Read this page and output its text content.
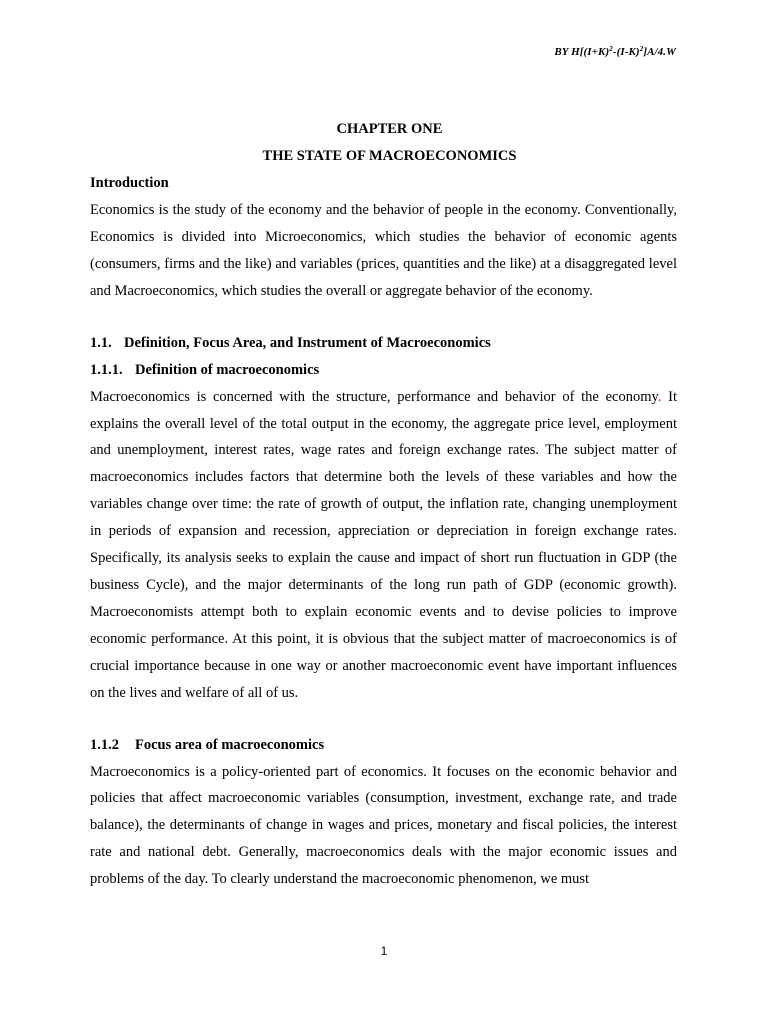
BY $H[(I+K)^2-(I-K)^2]A/4.W$
CHAPTER ONE
THE STATE OF MACROECONOMICS
Introduction

Economics is the study of the economy and the behavior of people in the economy. Conventionally, Economics is divided into Microeconomics, which studies the behavior of economic agents (consumers, firms and the like) and variables (prices, quantities and the like) at a disaggregated level and Macroeconomics, which studies the overall or aggregate behavior of the economy.

1.1. Definition, Focus Area, and Instrument of Macroeconomics
1.1.1. Definition of macroeconomics

Macroeconomics is concerned with the structure, performance and behavior of the economy. It explains the overall level of the total output in the economy, the aggregate price level, employment and unemployment, interest rates, wage rates and foreign exchange rates. The subject matter of macroeconomics includes factors that determine both the levels of these variables and how the variables change over time: the rate of growth of output, the inflation rate, changing unemployment in periods of expansion and recession, appreciation or depreciation in foreign exchange rates. Specifically, its analysis seeks to explain the cause and impact of short run fluctuation in GDP (the business Cycle), and the major determinants of the long run path of GDP (economic growth). Macroeconomists attempt both to explain economic events and to devise policies to improve economic performance. At this point, it is obvious that the subject matter of macroeconomics is of crucial importance because in one way or another macroeconomic event have important influences on the lives and welfare of all of us.

1.1.2	Focus area of macroeconomics

Macroeconomics is a policy-oriented part of economics. It focuses on the economic behavior and policies that affect macroeconomic variables (consumption, investment, exchange rate, and trade balance), the determinants of change in wages and prices, monetary and fiscal policies, the interest rate and national debt. Generally, macroeconomics deals with the major economic issues and problems of the day. To clearly understand the macroeconomic phenomenon, we must

1
